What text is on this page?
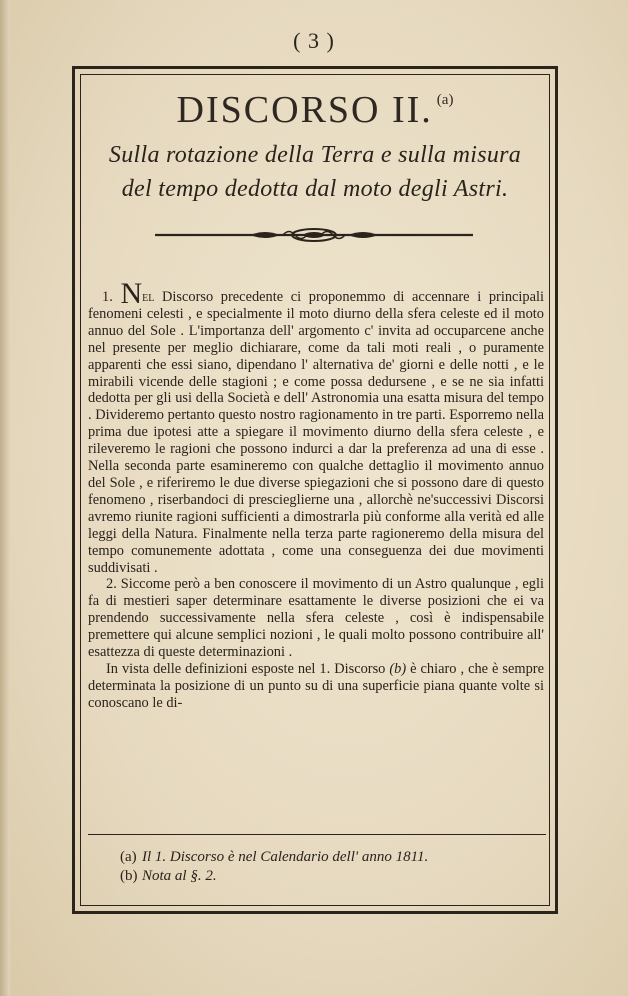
( 3 )
DISCORSO II. $^{(a)}$
Sulla rotazione della Terra e sulla misura
del tempo dedotta dal moto degli Astri.

1. Nel Discorso precedente ci proponemmo di accennare i principali fenomeni celesti , e specialmente il moto diurno della sfera celeste ed il moto annuo del Sole . L'importanza dell' argomento c' invita ad occuparcene anche nel presente per meglio dichiarare, come da tali moti reali , o puramente apparenti che essi siano, dipendano l' alternativa de' giorni e delle notti , e le mirabili vicende delle stagioni ; e come possa dedursene , e se ne sia infatti dedotta per gli usi della Società e dell' Astronomia una esatta misura del tempo . Divideremo pertanto questo nostro ragionamento in tre parti. Esporremo nella prima due ipotesi atte a spiegare il movimento diurno della sfera celeste , e rileveremo le ragioni che possono indurci a dar la preferenza ad una di esse . Nella seconda parte esamineremo con qualche dettaglio il movimento annuo del Sole , e riferiremo le due diverse spiegazioni che si possono dare di questo fenomeno , riserbandoci di prescieglierne una , allorchè ne'successivi Discorsi avremo riunite ragioni sufficienti a dimostrarla più conforme alla verità ed alle leggi della Natura. Finalmente nella terza parte ragioneremo della misura del tempo comunemente adottata , come una conseguenza dei due movimenti suddivisati .

2. Siccome però a ben conoscere il movimento di un Astro qualunque , egli fa di mestieri saper determinare esattamente le diverse posizioni che ei va prendendo successivamente nella sfera celeste , così è indispensabile premettere qui alcune semplici nozioni , le quali molto possono contribuire all' esattezza di queste determinazioni .

In vista delle definizioni esposte nel 1. Discorso (b) è chiaro , che è sempre determinata la posizione di un punto su di una superficie piana quante volte si conoscano le di-

(a) Il 1. Discorso è nel Calendario dell' anno 1811.

(b) Nota al §. 2.
